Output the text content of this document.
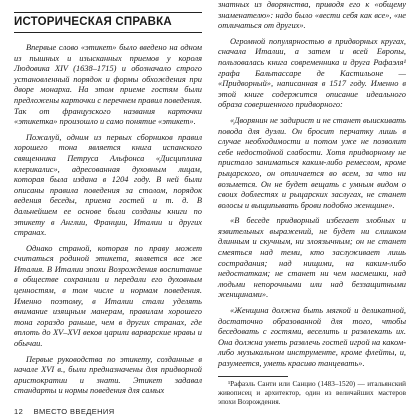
ИСТОРИЧЕСКАЯ СПРАВКА

Впервые слово «этикет» было введено на одном из пышных и изысканных приемов у короля Людовика XIV (1638–1715) и обозначало строго установленный порядок и формы обхождения при дворе монарха. На этом приеме гостям были предложены карточки с перечнем правил поведения. Так от французского названия карточки «этикетка» произошло и само понятие «этикет».

Пожалуй, одним из первых сборников правил хорошего тона является книга испанского священника Петруса Альфонса «Дисциплина клерикалис», адресованная духовным лицам, которая была издана в 1204 году. В ней были описаны правила поведения за столом, порядок ведения беседы, приема гостей и т. д. В дальнейшем ее основе были созданы книги по этикету в Англии, Франции, Италии и других странах.

Однако страной, которая по праву может считаться родиной этикета, является все же Италия. В Италии эпохи Возрождения воспитание в обществе сохранили и передали его духовным ценностям, в том числе и нормам поведения. Именно поэтому, в Италии стали уделять внимание изящным манерам, правилам хорошего тона гораздо раньше, чем в других странах, где вплоть до XV–XVI веков царили варварские нравы и обычаи.

Первые руководства по этикету, созданные в начале XVI в., были предназначены для придворной аристократии и знати. Этикет задавал стандарты и нормы поведения для самых

знатных из дворянства, приводя его к «общему знаменателю»: надо было «вести себя как все», «не отличаться от других».

Огромной популярностью в придворных кругах, сначала Италии, а затем и всей Европы, пользовалась книга современника и друга Рафаэля¹ графа Бальтассаре де Кастильоне — «Придворный», написанная в 1517 году. Именно в этой книге содержится описание идеального образа совершенного придворного:

«Дворянин не задирист и не станет выискивать повода для дуэли. Он бросит перчатку лишь в случае необходимости и потом уже не позволит себе недостойной слабости. Хотя придворному не пристало заниматься каким-либо ремеслом, кроме рыцарского, он отличается во всем, за что ни возьмется. Он не будет вещать с умным видом о своих доблестях и рыцарских заслугах, не станет волосы и выщипывать брови подобно женщине».

«В беседе придворный избегает злобных и язвительных выражений, не будет ни слишком длинным и скучным, ни злоязычным; он не станет смеяться над теми, кто заслуживает лишь сострадания; над нищими, на каким-либо недостаткам; не станет ни чем насмешки, над людьми непорочными или над беззащитными женщинами».

«Женщина должна быть мягкой и деликатной, достаточно образованной для того, чтобы беседовать с гостями, веселить и развлекать их. Она должна уметь развлечь гостей игрой на каком-либо музыкальном инструменте, кроме флейты, и, разумеется, уметь красиво танцевать».

¹Рафаэль Санти или Санцио (1483–1520) — итальянский живописец и архитектор, один из величайших мастеров эпохи Возрождения.

12 ВМЕСТО ВВЕДЕНИЯ
